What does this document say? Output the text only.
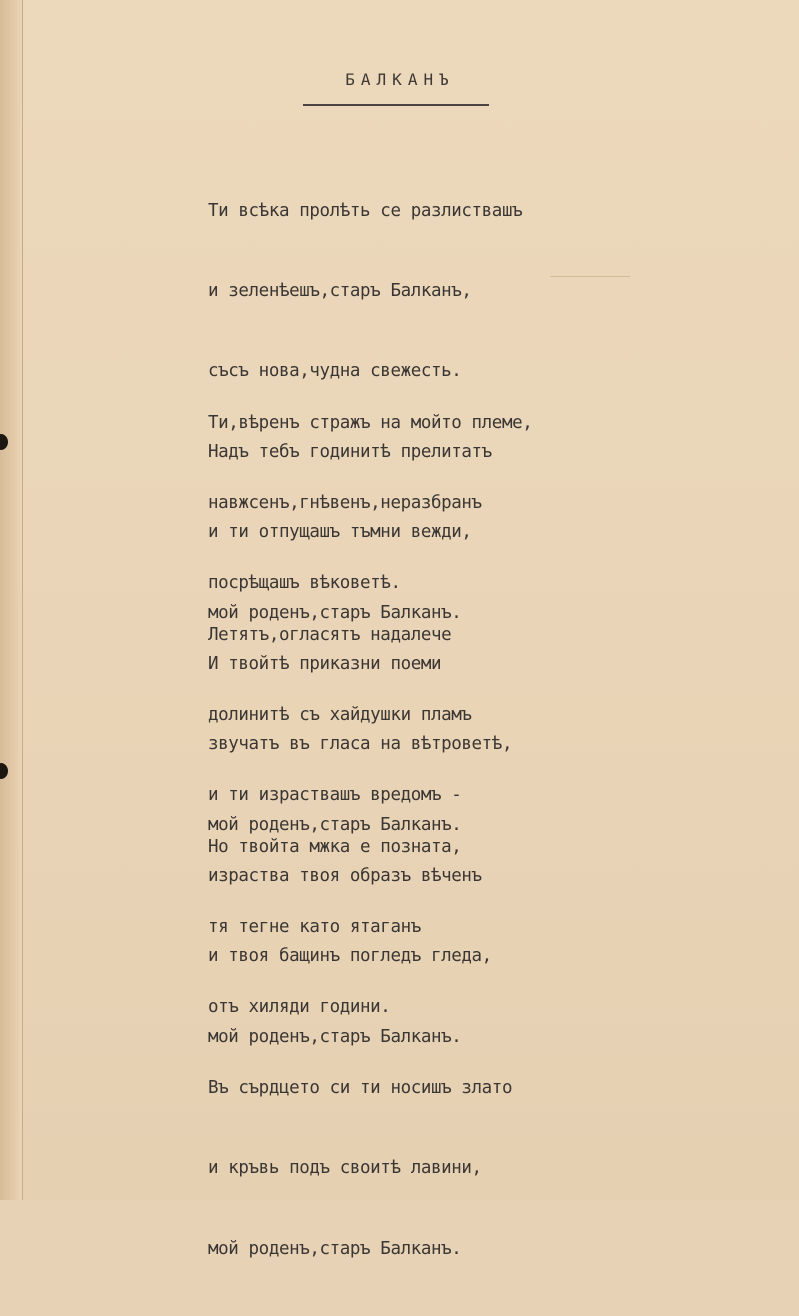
БАЛКАНЪ

Ти всѣка пролѣть се разлиствашъ

и зеленѣешъ,старъ Балканъ,

съсъ нова,чудна свежесть.

Надъ тебъ годинитѣ прелитатъ

и ти отпущашъ тъмни вежди,

мой роденъ,старъ Балканъ.

Ти,вѣренъ стражъ на мойто племе,

навжсенъ,гнѣвенъ,неразбранъ

посрѣщашъ вѣковетѣ.

И твойтѣ приказни поеми

звучатъ въ гласа на вѣтроветѣ,

мой роденъ,старъ Балканъ.

Летятъ,огласятъ надалече

долинитѣ съ хайдушки пламъ

и ти израствашъ вредомъ -

израства твоя образъ вѣченъ

и твоя бащинъ погледъ гледа,

мой роденъ,старъ Балканъ.

Но твойта мжка е позната,

тя тегне като ятаганъ

отъ хиляди години.

Въ сърдцето си ти носишъ злато

и кръвь подъ своитѣ лавини,

мой роденъ,старъ Балканъ.
